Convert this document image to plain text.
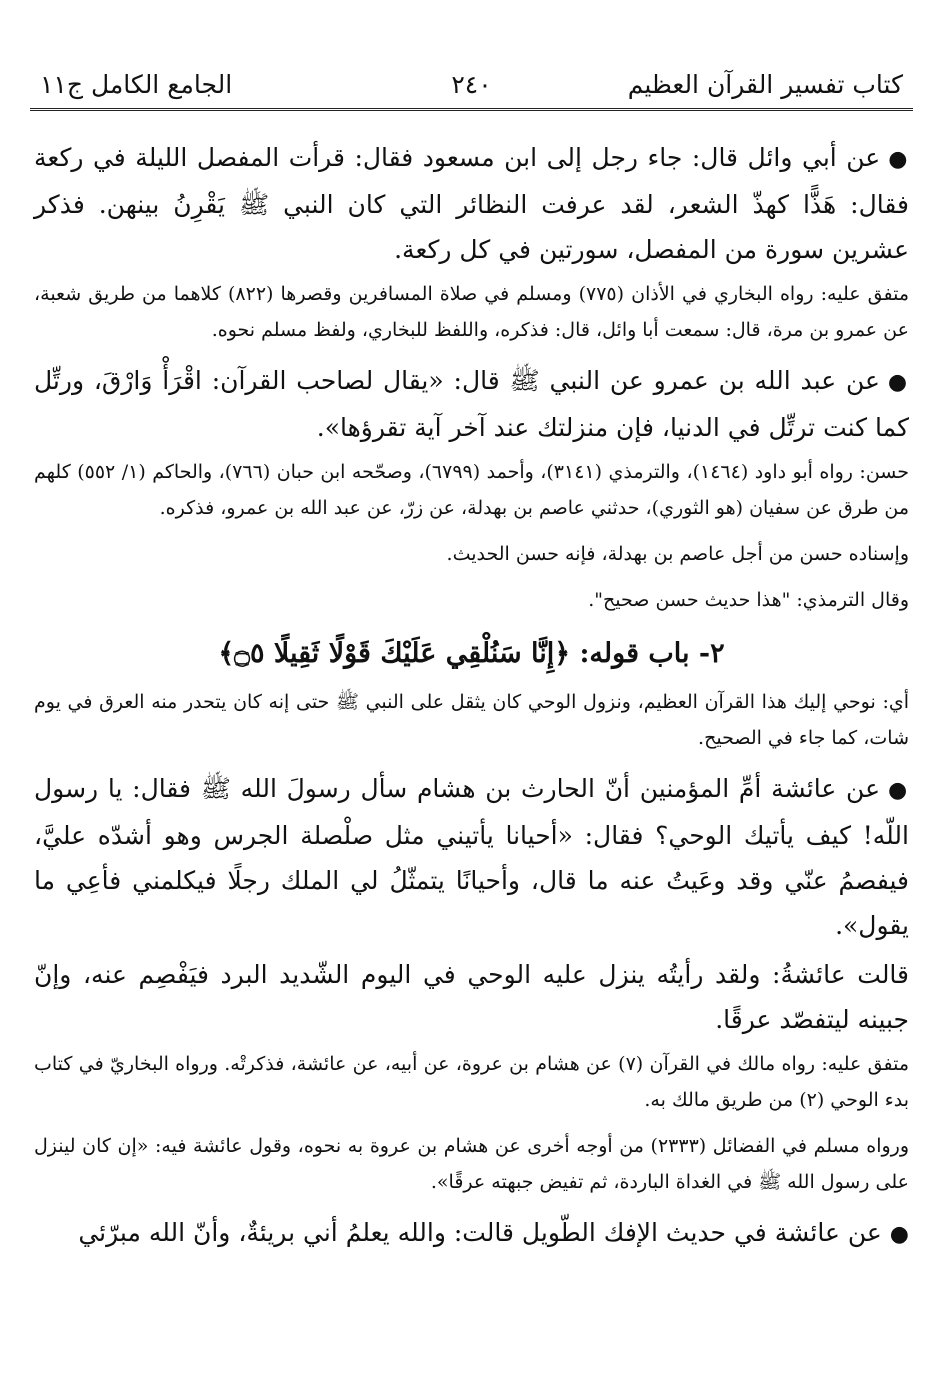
كتاب تفسير القرآن العظيم
٢٤٠
الجامع الكامل ج١١

●عن أبي وائل قال: جاء رجل إلى ابن مسعود فقال: قرأت المفصل الليلة في ركعة فقال: هَذًّا كهذّ الشعر، لقد عرفت النظائر التي كان النبي ﷺ يَقْرِنُ بينهن. فذكر عشرين سورة من المفصل، سورتين في كل ركعة.

متفق عليه: رواه البخاري في الأذان (٧٧٥) ومسلم في صلاة المسافرين وقصرها (٨٢٢) كلاهما من طريق شعبة، عن عمرو بن مرة، قال: سمعت أبا وائل، قال: فذكره، واللفظ للبخاري، ولفظ مسلم نحوه.

●عن عبد الله بن عمرو عن النبي ﷺ قال: «يقال لصاحب القرآن: اقْرَأْ وَارْقَ، ورتِّل كما كنت ترتِّل في الدنيا، فإن منزلتك عند آخر آية تقرؤها».

حسن: رواه أبو داود (١٤٦٤)، والترمذي (٣١٤١)، وأحمد (٦٧٩٩)، وصحّحه ابن حبان (٧٦٦)، والحاكم (١/ ٥٥٢) كلهم من طرق عن سفيان (هو الثوري)، حدثني عاصم بن بهدلة، عن زرّ، عن عبد الله بن عمرو، فذكره.

وإسناده حسن من أجل عاصم بن بهدلة، فإنه حسن الحديث.

وقال الترمذي: "هذا حديث حسن صحيح".

٢- باب قوله: ﴿إِنَّا سَنُلْقِي عَلَيْكَ قَوْلًا ثَقِيلًا ۝٥﴾

أي: نوحي إليك هذا القرآن العظيم، ونزول الوحي كان يثقل على النبي ﷺ حتى إنه كان يتحدر منه العرق في يوم شات، كما جاء في الصحيح.

●عن عائشة أمِّ المؤمنين أنّ الحارث بن هشام سأل رسولَ الله ﷺ فقال: يا رسول اللّه! كيف يأتيك الوحي؟ فقال: «أحيانا يأتيني مثل صلْصلة الجرس وهو أشدّه عليَّ، فيفصمُ عنّي وقد وعَيتُ عنه ما قال، وأحيانًا يتمثّلُ لي الملك رجلًا فيكلمني فأعِي ما يقول».

قالت عائشةُ: ولقد رأيتُه ينزل عليه الوحي في اليوم الشّديد البرد فيَفْصِم عنه، وإنّ جبينه ليتفصّد عرقًا.

متفق عليه: رواه مالك في القرآن (٧) عن هشام بن عروة، عن أبيه، عن عائشة، فذكرتْه. ورواه البخاريّ في كتاب بدء الوحي (٢) من طريق مالك به.

ورواه مسلم في الفضائل (٢٣٣٣) من أوجه أخرى عن هشام بن عروة به نحوه، وقول عائشة فيه: «إن كان لينزل على رسول الله ﷺ في الغداة الباردة، ثم تفيض جبهته عرقًا».

●عن عائشة في حديث الإفك الطّويل قالت: والله يعلمُ أني بريئةٌ، وأنّ الله مبرّئي
